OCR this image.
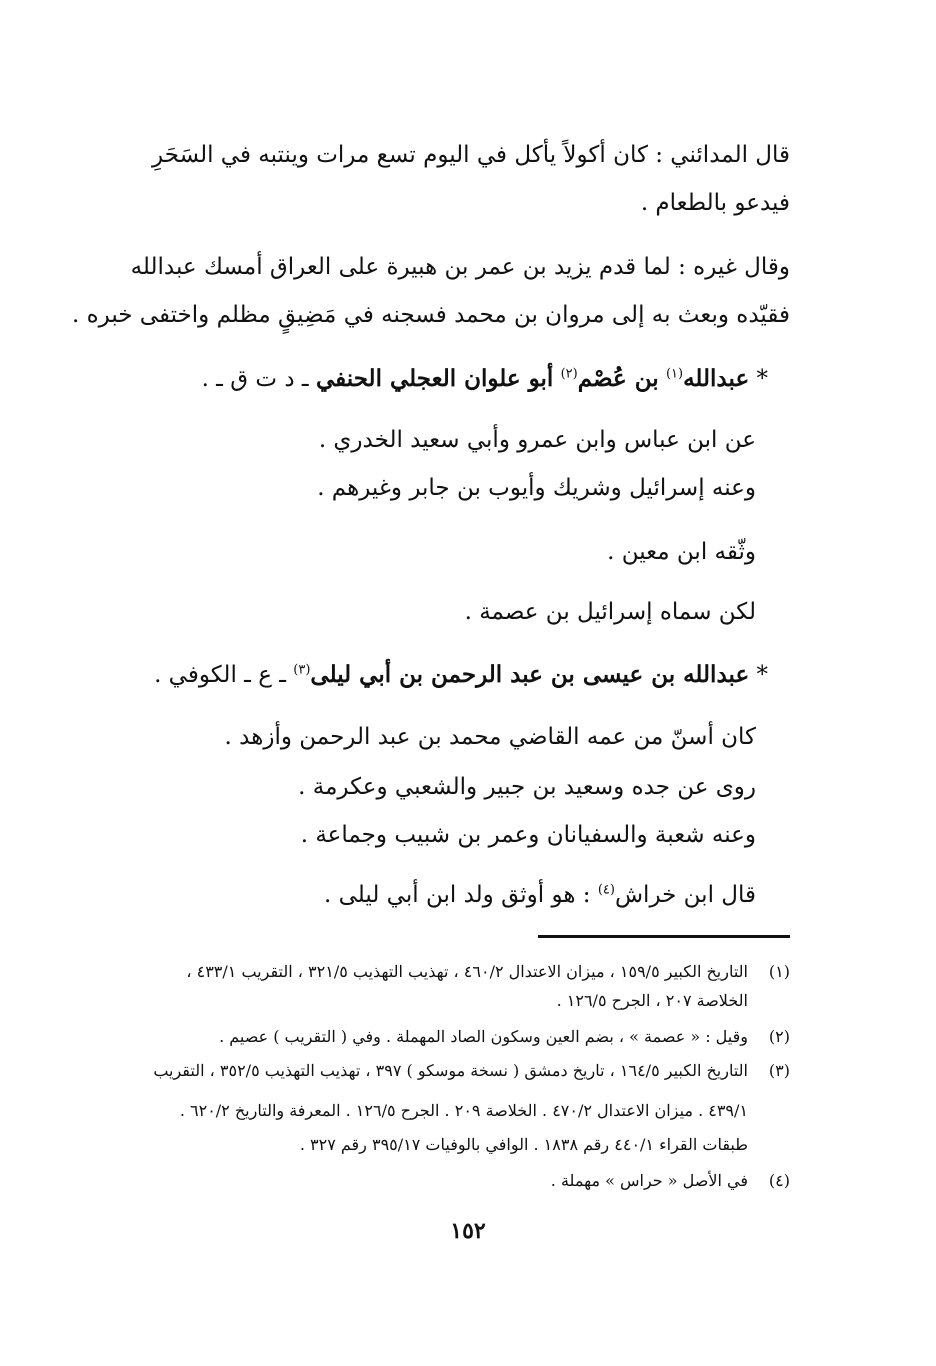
قال المدائني : كان أكولاً يأكل في اليوم تسع مرات وينتبه في السَحَرِ
فيدعو بالطعام .
وقال غيره : لما قدم يزيد بن عمر بن هبيرة على العراق أمسك عبدالله
فقيّده وبعث به إلى مروان بن محمد فسجنه في مَضِيقٍ مظلم واختفى خبره .
* عبدالله$^{(١)}$ بن عُصْم$^{(٢)}$ أبو علوان العجلي الحنفي ـ د ت ق ـ .
عن ابن عباس وابن عمرو وأبي سعيد الخدري .
وعنه إسرائيل وشريك وأيوب بن جابر وغيرهم .
وثّقه ابن معين .
لكن سماه إسرائيل بن عصمة .
* عبدالله بن عيسى بن عبد الرحمن بن أبي ليلى$^{(٣)}$ ـ ع ـ الكوفي .
كان أسنّ من عمه القاضي محمد بن عبد الرحمن وأزهد .
روى عن جده وسعيد بن جبير والشعبي وعكرمة .
وعنه شعبة والسفيانان وعمر بن شبيب وجماعة .
قال ابن خراش$^{(٤)}$ : هو أوثق ولد ابن أبي ليلى .
(١)
التاريخ الكبير ١٥٩/٥ ، ميزان الاعتدال ٤٦٠/٢ ، تهذيب التهذيب ٣٢١/٥ ، التقريب ٤٣٣/١ ،
الخلاصة ٢٠٧ ، الجرح ١٢٦/٥ .
(٢)
وقيل : « عصمة » ، بضم العين وسكون الصاد المهملة . وفي ( التقريب ) عصيم .
(٣)
التاريخ الكبير ١٦٤/٥ ، تاريخ دمشق ( نسخة موسكو ) ٣٩٧ ، تهذيب التهذيب ٣٥٢/٥ ، التقريب
٤٣٩/١ . ميزان الاعتدال ٤٧٠/٢ . الخلاصة ٢٠٩ . الجرح ١٢٦/٥ . المعرفة والتاريخ ٦٢٠/٢ .
طبقات القراء ٤٤٠/١ رقم ١٨٣٨ . الوافي بالوفيات ٣٩٥/١٧ رقم ٣٢٧ .
(٤)
في الأصل « حراس » مهملة .
١٥٢
